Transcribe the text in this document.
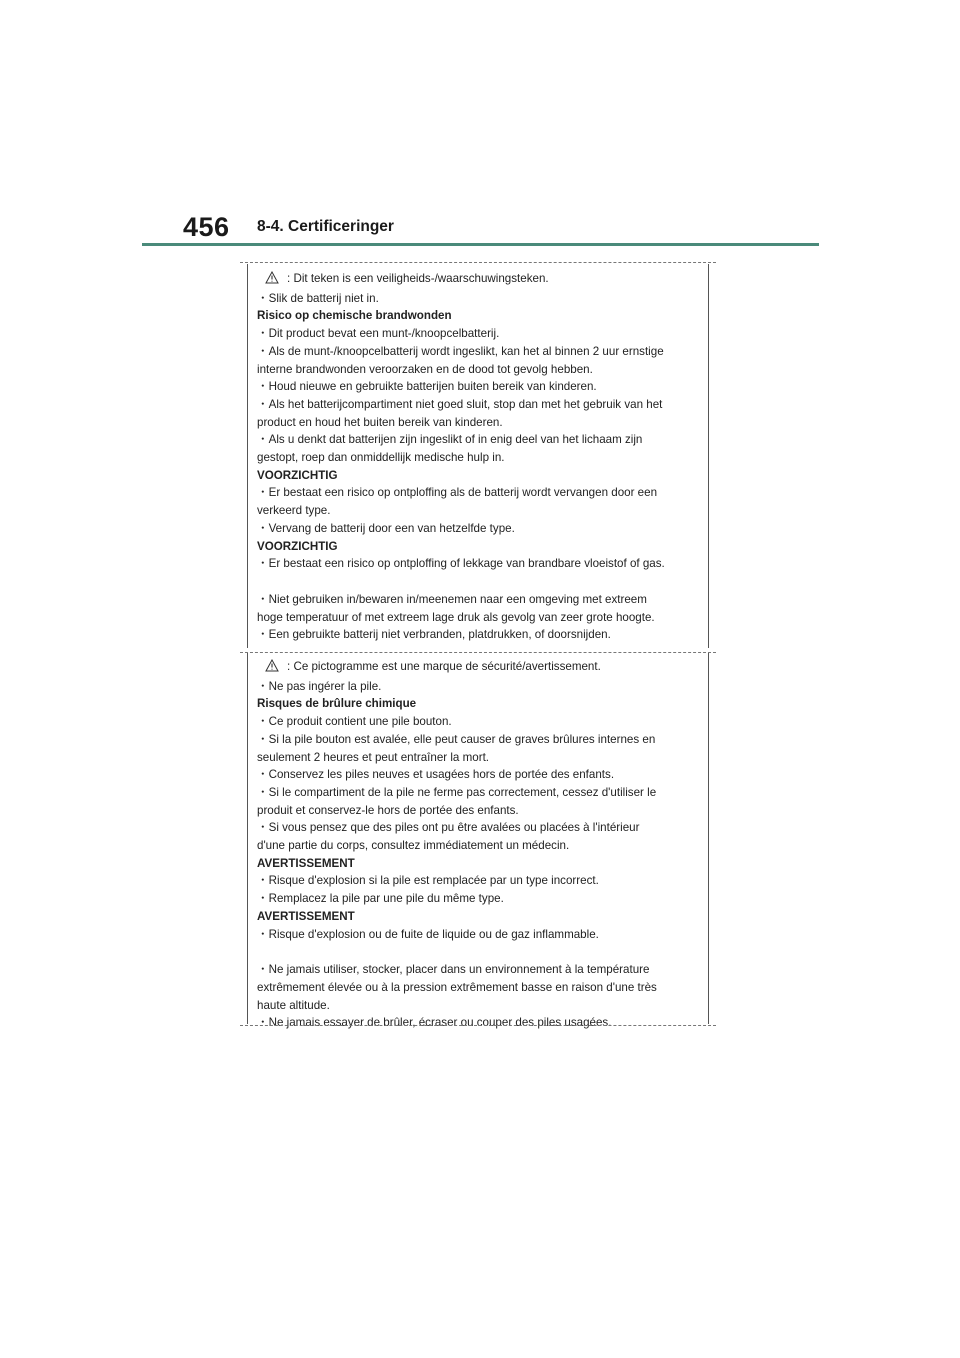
456 8-4. Certificeringer
: Dit teken is een veiligheids-/waarschuwingsteken.
・Slik de batterij niet in.
Risico op chemische brandwonden
・Dit product bevat een munt-/knoopcelbatterij.
・Als de munt-/knoopcelbatterij wordt ingeslikt, kan het al binnen 2 uur ernstige
interne brandwonden veroorzaken en de dood tot gevolg hebben.
・Houd nieuwe en gebruikte batterijen buiten bereik van kinderen.
・Als het batterijcompartiment niet goed sluit, stop dan met het gebruik van het
product en houd het buiten bereik van kinderen.
・Als u denkt dat batterijen zijn ingeslikt of in enig deel van het lichaam zijn
gestopt, roep dan onmiddellijk medische hulp in.
VOORZICHTIG
・Er bestaat een risico op ontploffing als de batterij wordt vervangen door een
verkeerd type.
・Vervang de batterij door een van hetzelfde type.
VOORZICHTIG
・Er bestaat een risico op ontploffing of lekkage van brandbare vloeistof of gas.
・Niet gebruiken in/bewaren in/meenemen naar een omgeving met extreem
hoge temperatuur of met extreem lage druk als gevolg van zeer grote hoogte.
・Een gebruikte batterij niet verbranden, platdrukken, of doorsnijden.
: Ce pictogramme est une marque de sécurité/avertissement.
・Ne pas ingérer la pile.
Risques de brûlure chimique
・Ce produit contient une pile bouton.
・Si la pile bouton est avalée, elle peut causer de graves brûlures internes en
seulement 2 heures et peut entraîner la mort.
・Conservez les piles neuves et usagées hors de portée des enfants.
・Si le compartiment de la pile ne ferme pas correctement, cessez d'utiliser le
produit et conservez-le hors de portée des enfants.
・Si vous pensez que des piles ont pu être avalées ou placées à l'intérieur
d'une partie du corps, consultez immédiatement un médecin.
AVERTISSEMENT
・Risque d'explosion si la pile est remplacée par un type incorrect.
・Remplacez la pile par une pile du même type.
AVERTISSEMENT
・Risque d'explosion ou de fuite de liquide ou de gaz inflammable.
・Ne jamais utiliser, stocker, placer dans un environnement à la température
extrêmement élevée ou à la pression extrêmement basse en raison d'une très
haute altitude.
・Ne jamais essayer de brûler, écraser ou couper des piles usagées.
